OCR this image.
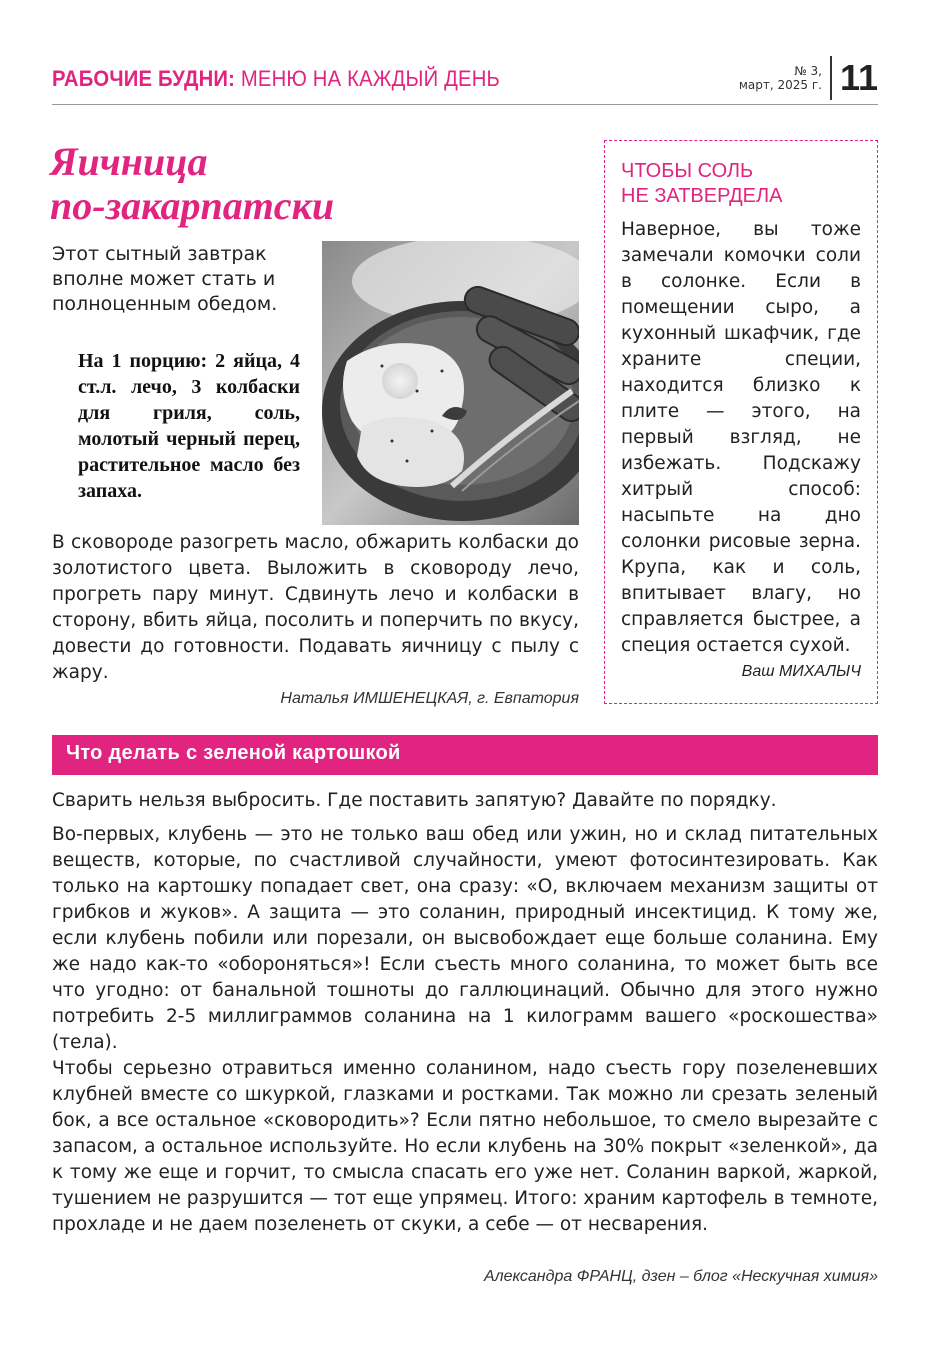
РАБОЧИЕ БУДНИ: МЕНЮ НА КАЖДЫЙ ДЕНЬ	№ 3,
март, 2025 г. 11
Яичница
по-закарпатски
Этот сытный завтрак вполне может стать и полноценным обедом.
На 1 порцию: 2 яйца, 4 ст.л. лечо, 3 колбаски для гриля, соль, молотый черный перец, растительное масло без запаха.
В сковороде разогреть масло, обжарить колбаски до золотистого цвета. Выложить в сковороду лечо, прогреть пару минут. Сдвинуть лечо и колбаски в сторону, вбить яйца, посолить и поперчить по вкусу, довести до готовности. Подавать яичницу с пылу с жару.
Наталья ИМШЕНЕЦКАЯ, г. Евпатория
ЧТОБЫ СОЛЬ
НЕ ЗАТВЕРДЕЛА
Наверное, вы тоже замечали комочки соли в солонке. Если в помещении сыро, а кухонный шкафчик, где храните специи, находится близко к плите — этого, на первый взгляд, не избежать. Подскажу хитрый способ: насыпьте на дно солонки рисовые зерна. Крупа, как и соль, впитывает влагу, но справляется быстрее, а специя остается сухой.
Ваш МИХАЛЫЧ
Что делать с зеленой картошкой

Сварить нельзя выбросить. Где поставить запятую? Давайте по порядку.

Во-первых, клубень — это не только ваш обед или ужин, но и склад питательных веществ, которые, по счастливой случайности, умеют фотосинтезировать. Как только на картошку попадает свет, она сразу: «О, включаем механизм защиты от грибков и жуков». А защита — это соланин, природный инсектицид. К тому же, если клубень побили или порезали, он высвобождает еще больше соланина. Ему же надо как-то «обороняться»! Если съесть много соланина, то может быть все что угодно: от банальной тошноты до галлюцинаций. Обычно для этого нужно потребить 2-5 миллиграммов соланина на 1 килограмм вашего «роскошества» (тела).

Чтобы серьезно отравиться именно соланином, надо съесть гору позеленевших клубней вместе со шкуркой, глазками и ростками. Так можно ли срезать зеленый бок, а все остальное «сковородить»? Если пятно небольшое, то смело вырезайте с запасом, а остальное используйте. Но если клубень на 30% покрыт «зеленкой», да к тому же еще и горчит, то смысла спасать его уже нет. Соланин варкой, жаркой, тушением не разрушится — тот еще упрямец. Итого: храним картофель в темноте, прохладе и не даем позеленеть от скуки, а себе — от несварения.

Александра ФРАНЦ, дзен – блог «Нескучная химия»
